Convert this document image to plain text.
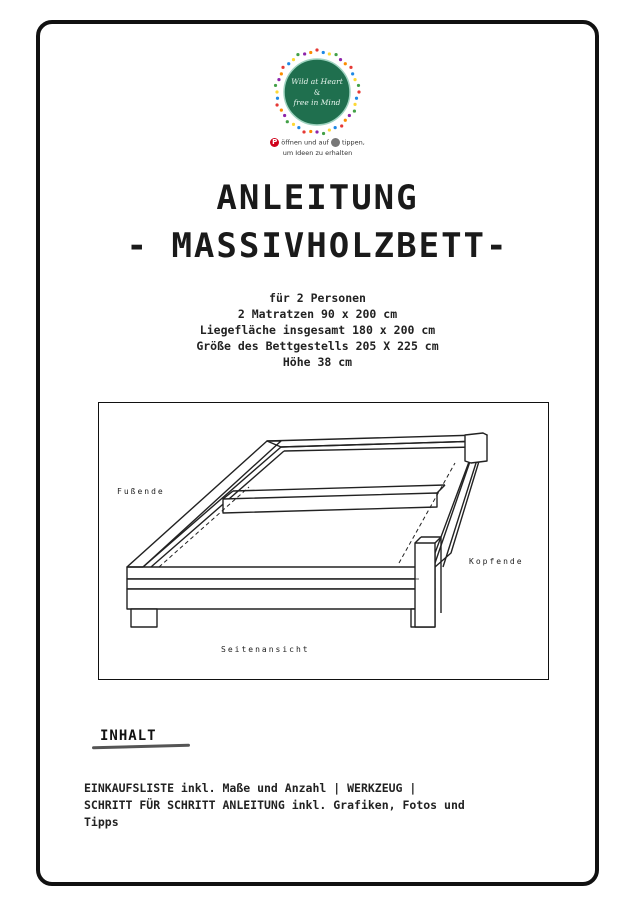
Wild at Heart
&
free in Mind
P öffnen und auf tippen,
um Ideen zu erhalten
ANLEITUNG
- MASSIVHOLZBETT-
für 2 Personen
2 Matratzen 90 x 200 cm
Liegefläche insgesamt 180 x 200 cm
Größe des Bettgestells 205 X 225 cm
Höhe 38 cm
Fußende
Kopfende
Seitenansicht
INHALT
EINKAUFSLISTE inkl. Maße und Anzahl | WERKZEUG |
SCHRITT FÜR SCHRITT ANLEITUNG inkl. Grafiken, Fotos und
Tipps
